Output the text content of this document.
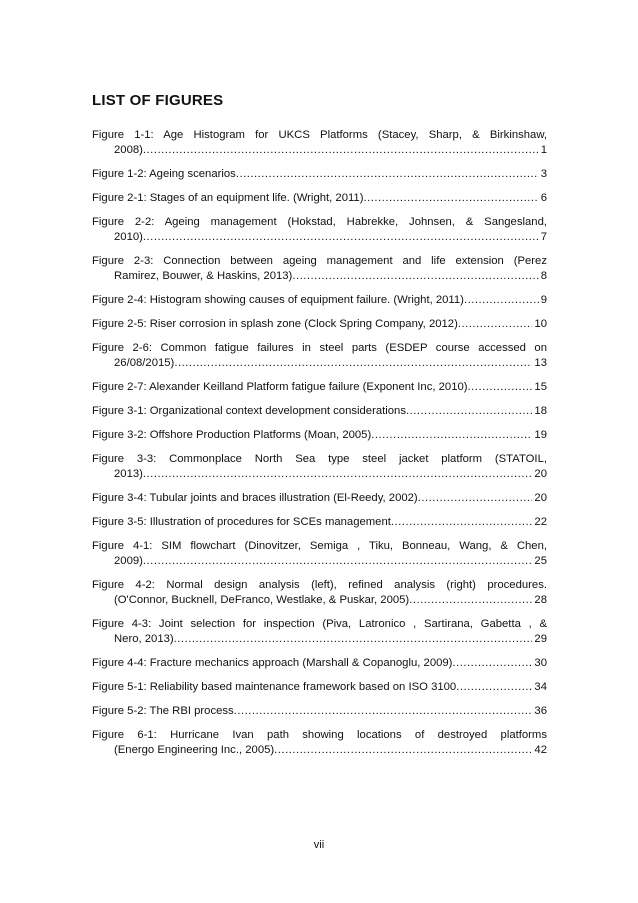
LIST OF FIGURES
Figure 1-1: Age Histogram for UKCS Platforms (Stacey, Sharp, & Birkinshaw,
2008) .....	1
Figure 1-2: Ageing scenarios .....	3
Figure 2-1: Stages of an equipment life. (Wright, 2011) .....	6
Figure 2-2: Ageing management (Hokstad, Habrekke, Johnsen, & Sangesland,
2010) .....	7
Figure 2-3: Connection between ageing management and life extension (Perez
Ramirez, Bouwer, & Haskins, 2013) .....	8
Figure 2-4: Histogram showing causes of equipment failure. (Wright, 2011) .....	9
Figure 2-5: Riser corrosion in splash zone (Clock Spring Company, 2012) .....	10
Figure 2-6: Common fatigue failures in steel parts (ESDEP course accessed on
26/08/2015) .....	13
Figure 2-7: Alexander Keilland Platform fatigue failure (Exponent Inc, 2010) .....	15
Figure 3-1: Organizational context development considerations .....	18
Figure 3-2: Offshore Production Platforms (Moan, 2005) .....	19
Figure 3-3: Commonplace North Sea type steel jacket platform (STATOIL,
2013) .....	20
Figure 3-4: Tubular joints and braces illustration (El-Reedy, 2002) .....	20
Figure 3-5: Illustration of procedures for SCEs management .....	22
Figure 4-1: SIM flowchart (Dinovitzer, Semiga , Tiku, Bonneau, Wang, & Chen,
2009) .....	25
Figure 4-2: Normal design analysis (left), refined analysis (right) procedures.
(O'Connor, Bucknell, DeFranco, Westlake, & Puskar, 2005) .....	28
Figure 4-3: Joint selection for inspection (Piva, Latronico , Sartirana, Gabetta , &
Nero, 2013) .....	29
Figure 4-4: Fracture mechanics approach (Marshall & Copanoglu, 2009) .....	30
Figure 5-1: Reliability based maintenance framework based on ISO 3100 .....	34
Figure 5-2: The RBI process .....	36
Figure 6-1: Hurricane Ivan path showing locations of destroyed platforms
(Energo Engineering Inc., 2005) .....	42
vii
